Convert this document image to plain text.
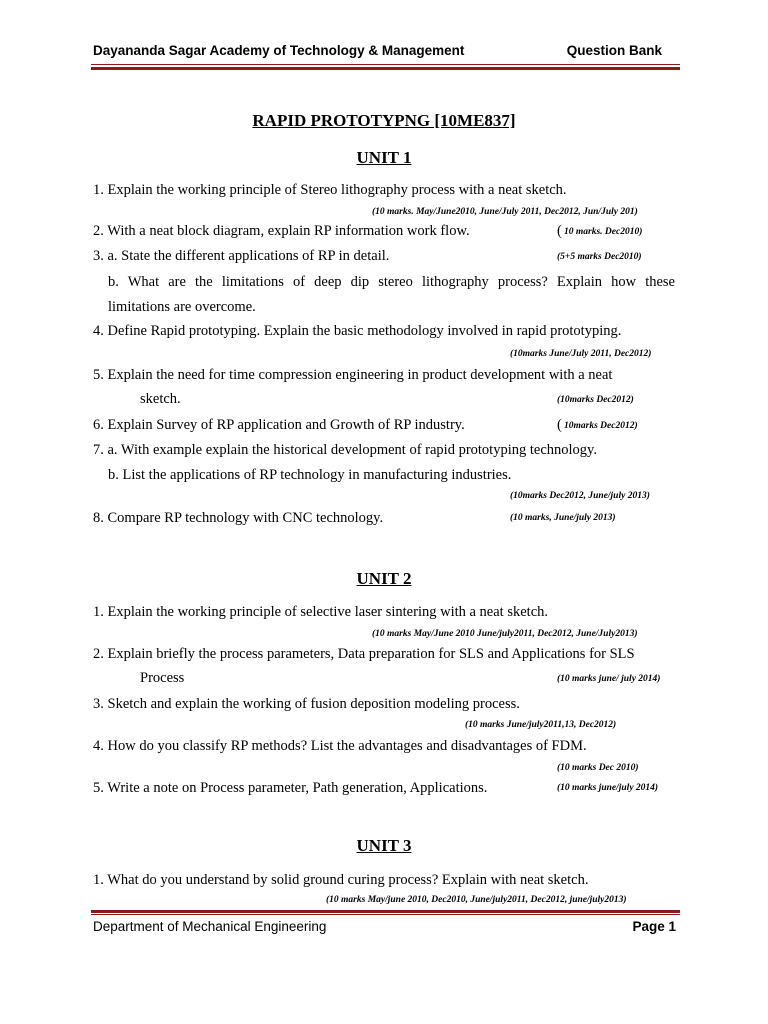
Dayananda Sagar Academy of Technology & Management	Question Bank
RAPID PROTOTYPNG [10ME837]
UNIT 1
1. Explain the working principle of Stereo lithography process with a neat sketch.
(10 marks. May/June2010, June/July 2011, Dec2012, Jun/July 201)
2. With a neat block diagram, explain RP information work flow.	( 10 marks. Dec2010)
3. a. State the different applications of RP in detail.	(5+5 marks Dec2010)
b. What are the limitations of deep dip stereo lithography process? Explain how these
limitations are overcome.
4. Define Rapid prototyping. Explain the basic methodology involved in rapid prototyping.
(10marks June/July 2011, Dec2012)
5. Explain the need for time compression engineering in product development with a neat
sketch.	(10marks Dec2012)
6. Explain Survey of RP application and Growth of RP industry.	( 10marks Dec2012)
7. a. With example explain the historical development of rapid prototyping technology.
b. List the applications of RP technology in manufacturing industries.
(10marks Dec2012, June/july 2013)
8. Compare RP technology with CNC technology.	(10 marks, June/july 2013)
UNIT 2
1. Explain the working principle of selective laser sintering with a neat sketch.
(10 marks May/June 2010 June/july2011, Dec2012, June/July2013)
2. Explain briefly the process parameters, Data preparation for SLS and Applications for SLS
Process	(10 marks june/ july 2014)
3. Sketch and explain the working of fusion deposition modeling process.
(10 marks June/july2011,13, Dec2012)
4. How do you classify RP methods? List the advantages and disadvantages of FDM.
(10 marks Dec 2010)
5. Write a note on Process parameter, Path generation, Applications.	(10 marks june/july 2014)
UNIT 3
1. What do you understand by solid ground curing process? Explain with neat sketch.
(10 marks May/june 2010, Dec2010, June/july2011, Dec2012, june/july2013)
Department of Mechanical Engineering	Page 1
